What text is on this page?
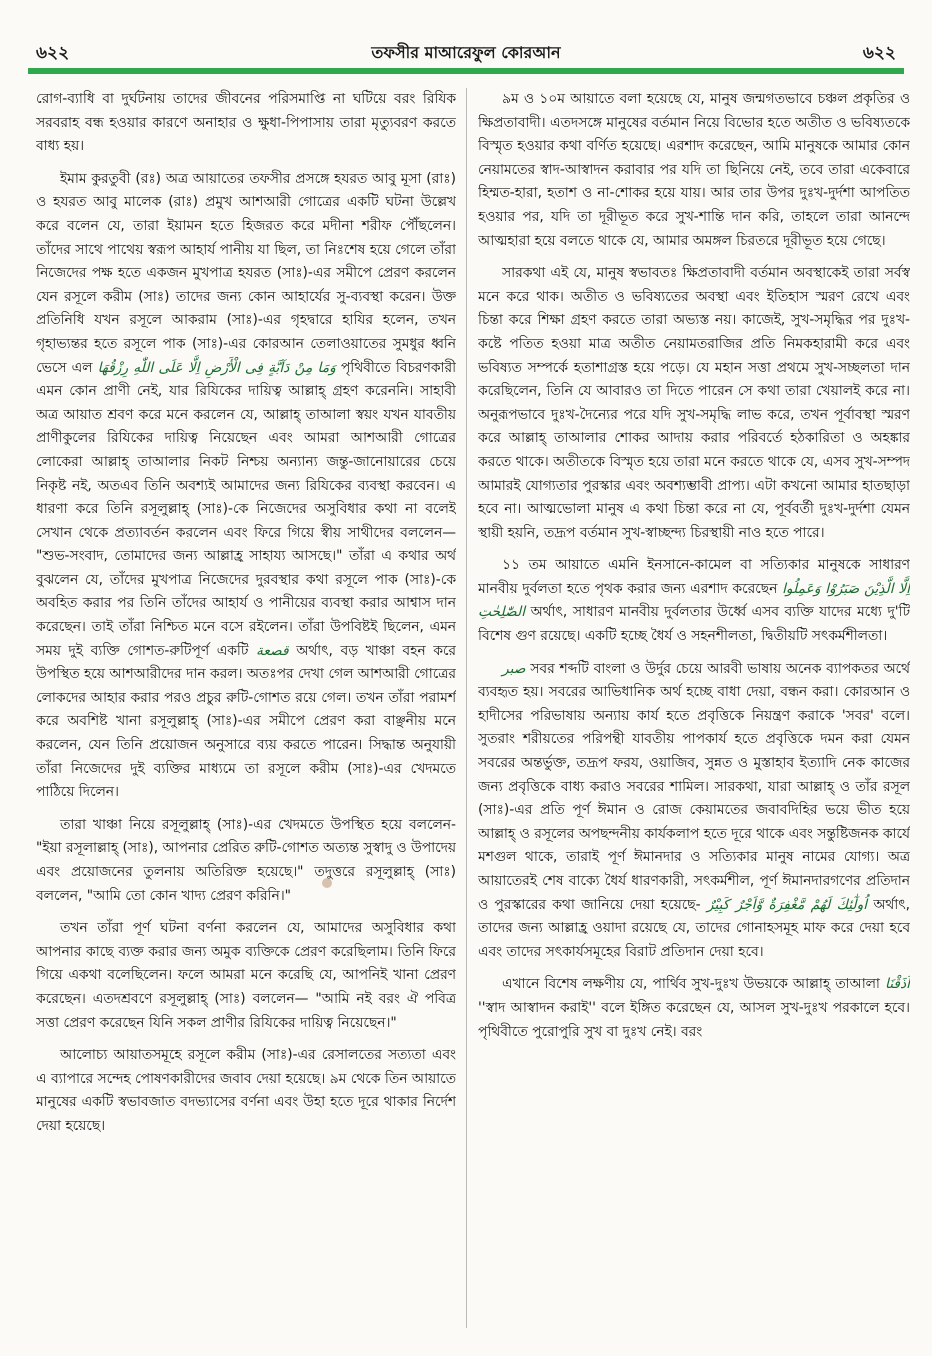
৬২২	তফসীর মাআরেফুল কোরআন	৬২২

রোগ-ব্যাধি বা দুর্ঘটনায় তাদের জীবনের পরিসমাপ্তি না ঘটিয়ে বরং রিযিক সরবরাহ বন্ধ হওয়ার কারণে অনাহার ও ক্ষুধা-পিপাসায় তারা মৃত্যুবরণ করতে বাধ্য হয়।

ইমাম কুরতুবী (রঃ) অত্র আয়াতের তফসীর প্রসঙ্গে হযরত আবু মূসা (রাঃ) ও হযরত আবু মালেক (রাঃ) প্রমুখ আশআরী গোত্রের একটি ঘটনা উল্লেখ করে বলেন যে, তারা ইয়ামন হতে হিজরত করে মদীনা শরীফ পৌঁছলেন। তাঁদের সাথে পাথেয় স্বরূপ আহার্য পানীয় যা ছিল, তা নিঃশেষ হয়ে গেলে তাঁরা নিজেদের পক্ষ হতে একজন মুখপাত্র হযরত (সাঃ)-এর সমীপে প্রেরণ করলেন যেন রসূলে করীম (সাঃ) তাদের জন্য কোন আহার্যের সু-ব্যবস্থা করেন। উক্ত প্রতিনিধি যখন রসূলে আকরাম (সাঃ)-এর গৃহদ্বারে হাযির হলেন, তখন গৃহাভ্যন্তর হতে রসূলে পাক (সাঃ)-এর কোরআন তেলাওয়াতের সুমধুর ধ্বনি ভেসে এল وَمَا مِنْ دَآبَّةٍ فِى الْأَرْضِ اِلَّا عَلَى اللّٰهِ رِزْقُهَا পৃথিবীতে বিচরণকারী এমন কোন প্রাণী নেই, যার রিযিকের দায়িত্ব আল্লাহ্ গ্রহণ করেননি। সাহাবী অত্র আয়াত শ্রবণ করে মনে করলেন যে, আল্লাহ্ তাআলা স্বয়ং যখন যাবতীয় প্রাণীকুলের রিযিকের দায়িত্ব নিয়েছেন এবং আমরা আশআরী গোত্রের লোকেরা আল্লাহ্ তাআলার নিকট নিশ্চয় অন্যান্য জন্তু-জানোয়ারের চেয়ে নিকৃষ্ট নই, অতএব তিনি অবশ্যই আমাদের জন্য রিযিকের ব্যবস্থা করবেন। এ ধারণা করে তিনি রসূলুল্লাহ্ (সাঃ)-কে নিজেদের অসুবিধার কথা না বলেই সেখান থেকে প্রত্যাবর্তন করলেন এবং ফিরে গিয়ে স্বীয় সাথীদের বললেন— "শুভ-সংবাদ, তোমাদের জন্য আল্লাহ্র সাহায্য আসছে।" তাঁরা এ কথার অর্থ বুঝলেন যে, তাঁদের মুখপাত্র নিজেদের দুরবস্থার কথা রসূলে পাক (সাঃ)-কে অবহিত করার পর তিনি তাঁদের আহার্য ও পানীয়ের ব্যবস্থা করার আশ্বাস দান করেছেন। তাই তাঁরা নিশ্চিত মনে বসে রইলেন। তাঁরা উপবিষ্টই ছিলেন, এমন সময় দুই ব্যক্তি গোশত-রুটিপূর্ণ একটি قصعة অর্থাৎ, বড় খাঞ্চা বহন করে উপস্থিত হয়ে আশআরীদের দান করল। অতঃপর দেখা গেল আশআরী গোত্রের লোকদের আহার করার পরও প্রচুর রুটি-গোশত রয়ে গেল। তখন তাঁরা পরামর্শ করে অবশিষ্ট খানা রসূলুল্লাহ্ (সাঃ)-এর সমীপে প্রেরণ করা বাঞ্ছনীয় মনে করলেন, যেন তিনি প্রয়োজন অনুসারে ব্যয় করতে পারেন। সিদ্ধান্ত অনুযায়ী তাঁরা নিজেদের দুই ব্যক্তির মাধ্যমে তা রসূলে করীম (সাঃ)-এর খেদমতে পাঠিয়ে দিলেন।

তারা খাঞ্চা নিয়ে রসূলুল্লাহ্ (সাঃ)-এর খেদমতে উপস্থিত হয়ে বললেন- "ইয়া রসূলাল্লাহ্ (সাঃ), আপনার প্রেরিত রুটি-গোশত অত্যন্ত সুস্বাদু ও উপাদেয় এবং প্রয়োজনের তুলনায় অতিরিক্ত হয়েছে।" তদুত্তরে রসূলুল্লাহ্ (সাঃ) বললেন, "আমি তো কোন খাদ্য প্রেরণ করিনি।"

তখন তাঁরা পূর্ণ ঘটনা বর্ণনা করলেন যে, আমাদের অসুবিধার কথা আপনার কাছে ব্যক্ত করার জন্য অমুক ব্যক্তিকে প্রেরণ করেছিলাম। তিনি ফিরে গিয়ে একথা বলেছিলেন। ফলে আমরা মনে করেছি যে, আপনিই খানা প্রেরণ করেছেন। এতদশ্রবণে রসূলুল্লাহ্ (সাঃ) বললেন— "আমি নই বরং ঐ পবিত্র সত্তা প্রেরণ করেছেন যিনি সকল প্রাণীর রিযিকের দায়িত্ব নিয়েছেন।"

আলোচ্য আয়াতসমূহে রসূলে করীম (সাঃ)-এর রেসালতের সত্যতা এবং এ ব্যাপারে সন্দেহ পোষণকারীদের জবাব দেয়া হয়েছে। ৯ম থেকে তিন আয়াতে মানুষের একটি স্বভাবজাত বদভ্যাসের বর্ণনা এবং উহা হতে দূরে থাকার নির্দেশ দেয়া হয়েছে।

৯ম ও ১০ম আয়াতে বলা হয়েছে যে, মানুষ জন্মগতভাবে চঞ্চল প্রকৃতির ও ক্ষিপ্রতাবাদী। এতদসঙ্গে মানুষের বর্তমান নিয়ে বিভোর হতে অতীত ও ভবিষ্যতকে বিস্মৃত হওয়ার কথা বর্ণিত হয়েছে। এরশাদ করেছেন, আমি মানুষকে আমার কোন নেয়ামতের স্বাদ-আস্বাদন করাবার পর যদি তা ছিনিয়ে নেই, তবে তারা একেবারে হিম্মত-হারা, হতাশ ও না-শোকর হয়ে যায়। আর তার উপর দুঃখ-দুর্দশা আপতিত হওয়ার পর, যদি তা দূরীভূত করে সুখ-শান্তি দান করি, তাহলে তারা আনন্দে আত্মহারা হয়ে বলতে থাকে যে, আমার অমঙ্গল চিরতরে দূরীভূত হয়ে গেছে।

সারকথা এই যে, মানুষ স্বভাবতঃ ক্ষিপ্রতাবাদী বর্তমান অবস্থাকেই তারা সর্বস্ব মনে করে থাক। অতীত ও ভবিষ্যতের অবস্থা এবং ইতিহাস স্মরণ রেখে এবং চিন্তা করে শিক্ষা গ্রহণ করতে তারা অভ্যস্ত নয়। কাজেই, সুখ-সমৃদ্ধির পর দুঃখ-কষ্টে পতিত হওয়া মাত্র অতীত নেয়ামতরাজির প্রতি নিমকহারামী করে এবং ভবিষ্যত সম্পর্কে হতাশাগ্রস্ত হয়ে পড়ে। যে মহান সত্তা প্রথমে সুখ-সচ্ছলতা দান করেছিলেন, তিনি যে আবারও তা দিতে পারেন সে কথা তারা খেয়ালই করে না। অনুরূপভাবে দুঃখ-দৈন্যের পরে যদি সুখ-সমৃদ্ধি লাভ করে, তখন পূর্বাবস্থা স্মরণ করে আল্লাহ্ তাআলার শোকর আদায় করার পরিবর্তে হঠকারিতা ও অহঙ্কার করতে থাকে। অতীতকে বিস্মৃত হয়ে তারা মনে করতে থাকে যে, এসব সুখ-সম্পদ আমারই যোগ্যতার পুরস্কার এবং অবশ্যম্ভাবী প্রাপ্য। এটা কখনো আমার হাতছাড়া হবে না। আত্মভোলা মানুষ এ কথা চিন্তা করে না যে, পূর্ববর্তী দুঃখ-দুর্দশা যেমন স্থায়ী হয়নি, তদ্রূপ বর্তমান সুখ-স্বাচ্ছন্দ্য চিরস্থায়ী নাও হতে পারে।

১১ তম আয়াতে এমনি ইনসানে-কামেল বা সত্যিকার মানুষকে সাধারণ মানবীয় দুর্বলতা হতে পৃথক করার জন্য এরশাদ করেছেন اِلَّا الَّذِيْنَ صَبَرُوْا وَعَمِلُوا الصّٰلِحٰتِ অর্থাৎ, সাধারণ মানবীয় দুর্বলতার উর্ধ্বে এসব ব্যক্তি যাদের মধ্যে দু'টি বিশেষ গুণ রয়েছে। একটি হচ্ছে ধৈর্য ও সহনশীলতা, দ্বিতীয়টি সৎকর্মশীলতা।

صبر সবর শব্দটি বাংলা ও উর্দুর চেয়ে আরবী ভাষায় অনেক ব্যাপকতর অর্থে ব্যবহৃত হয়। সবরের আভিধানিক অর্থ হচ্ছে বাধা দেয়া, বন্ধন করা। কোরআন ও হাদীসের পরিভাষায় অন্যায় কার্য হতে প্রবৃত্তিকে নিয়ন্ত্রণ করাকে 'সবর' বলে। সুতরাং শরীয়তের পরিপন্থী যাবতীয় পাপকার্য হতে প্রবৃত্তিকে দমন করা যেমন সবরের অন্তর্ভুক্ত, তদ্রূপ ফরয, ওয়াজিব, সুন্নত ও মুস্তাহাব ইত্যাদি নেক কাজের জন্য প্রবৃত্তিকে বাধ্য করাও সবরের শামিল। সারকথা, যারা আল্লাহ্ ও তাঁর রসূল (সাঃ)-এর প্রতি পূর্ণ ঈমান ও রোজ কেয়ামতের জবাবদিহির ভয়ে ভীত হয়ে আল্লাহ্ ও রসূলের অপছন্দনীয় কার্যকলাপ হতে দূরে থাকে এবং সন্তুষ্টিজনক কার্যে মশগুল থাকে, তারাই পূর্ণ ঈমানদার ও সত্যিকার মানুষ নামের যোগ্য। অত্র আয়াতেরই শেষ বাক্যে ধৈর্য ধারণকারী, সৎকর্মশীল, পূর্ণ ঈমানদারগণের প্রতিদান ও পুরস্কারের কথা জানিয়ে দেয়া হয়েছে- اُولٰٓئِكَ لَهُمْ مَّغْفِرَةٌ وَّاَجْرٌ كَبِيْرٌ অর্থাৎ, তাদের জন্য আল্লাহ্র ওয়াদা রয়েছে যে, তাদের গোনাহসমূহ মাফ করে দেয়া হবে এবং তাদের সৎকার্যসমূহের বিরাট প্রতিদান দেয়া হবে।

এখানে বিশেষ লক্ষণীয় যে, পার্থিব সুখ-দুঃখ উভয়কে আল্লাহ্ তাআলা اَذَقْنَا ''স্বাদ আস্বাদন করাই'' বলে ইঙ্গিত করেছেন যে, আসল সুখ-দুঃখ পরকালে হবে। পৃথিবীতে পুরোপুরি সুখ বা দুঃখ নেই। বরং
